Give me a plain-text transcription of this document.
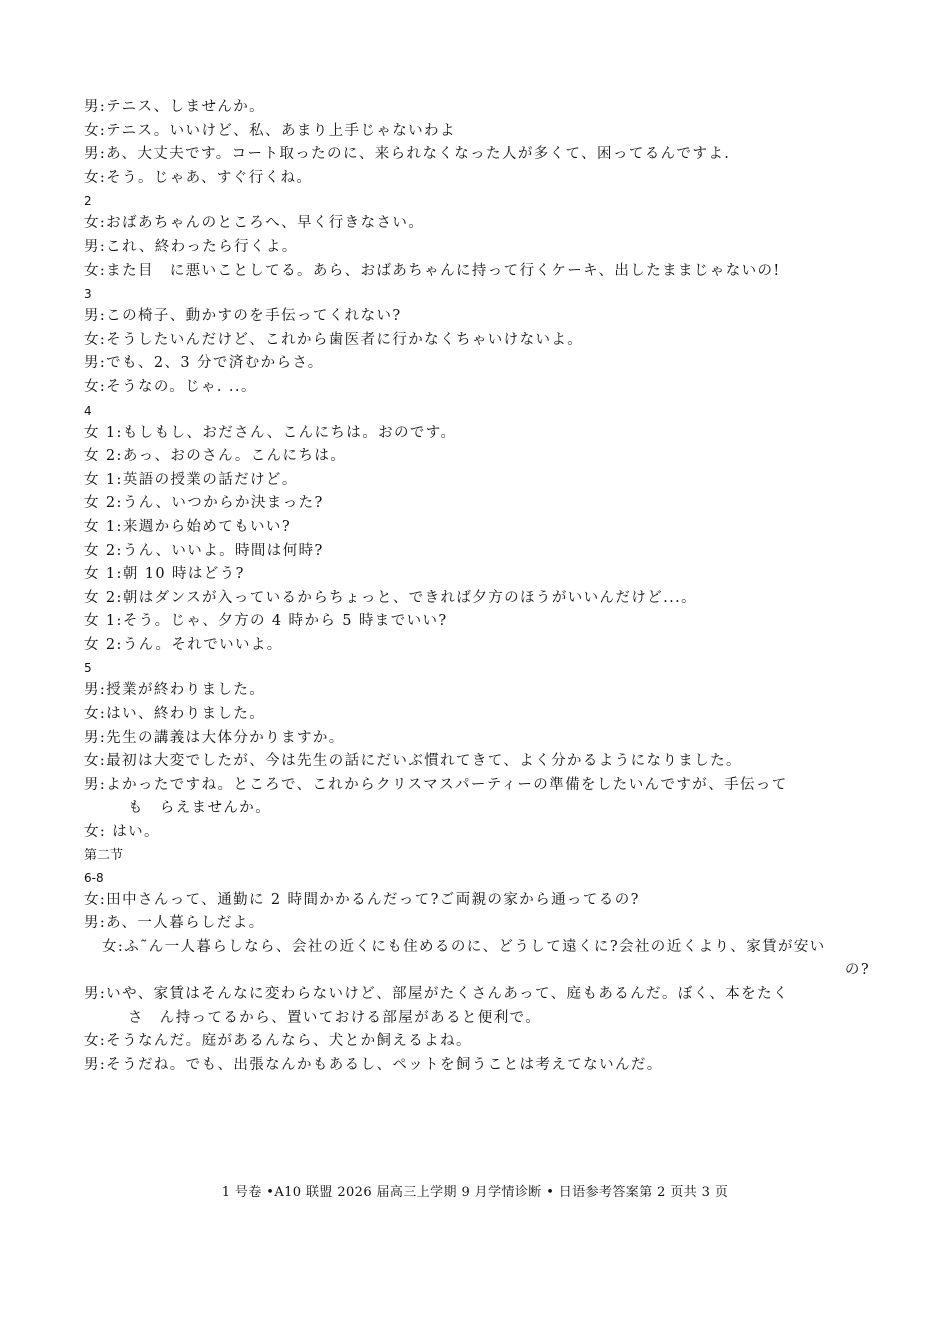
男:テニス、しませんか。
女:テニス。いいけど、私、あまり上手じゃないわよ
男:あ、大丈夫です。コート取ったのに、来られなくなった人が多くて、困ってるんですよ.
女:そう。じゃあ、すぐ行くね。
2
女:おばあちゃんのところへ、早く行きなさい。
男:これ、終わったら行くよ。
女:また目　に悪いことしてる。あら、おばあちゃんに持って行くケーキ、出したままじゃないの!
3
男:この椅子、動かすのを手伝ってくれない?
女:そうしたいんだけど、これから歯医者に行かなくちゃいけないよ。
男:でも、2、3 分で済むからさ。
女:そうなの。じゃ. ..。
4
女 1:もしもし、おださん、こんにちは。おのです。
女 2:あっ、おのさん。こんにちは。
女 1:英語の授業の話だけど。
女 2:うん、いつからか決まった?
女 1:来週から始めてもいい?
女 2:うん、いいよ。時間は何時?
女 1:朝 10 時はどう?
女 2:朝はダンスが入っているからちょっと、できれば夕方のほうがいいんだけど...。
女 1:そう。じゃ、夕方の 4 時から 5 時までいい?
女 2:うん。それでいいよ。
5
男:授業が終わりました。
女:はい、終わりました。
男:先生の講義は大体分かりますか。
女:最初は大変でしたが、今は先生の話にだいぶ慣れてきて、よく分かるようになりました。
男:よかったですね。ところで、これからクリスマスパーティーの準備をしたいんですが、手伝って
も　らえませんか。
女: はい。
第二节
6-8
女:田中さんって、通勤に 2 時間かかるんだって?ご両親の家から通ってるの?
男:あ、一人暮らしだよ。
女:ふ˜ん一人暮らしなら、会社の近くにも住めるのに、どうして遠くに?会社の近くより、家賃が安い
の?
男:いや、家賃はそんなに変わらないけど、部屋がたくさんあって、庭もあるんだ。ぼく、本をたく
さ　ん持ってるから、置いておける部屋があると便利で。
女:そうなんだ。庭があるんなら、犬とか飼えるよね。
男:そうだね。でも、出張なんかもあるし、ペットを飼うことは考えてないんだ。
1 号卷 •A10 联盟 2026 届高三上学期 9 月学情诊断 • 日语参考答案第 2 页共 3 页
